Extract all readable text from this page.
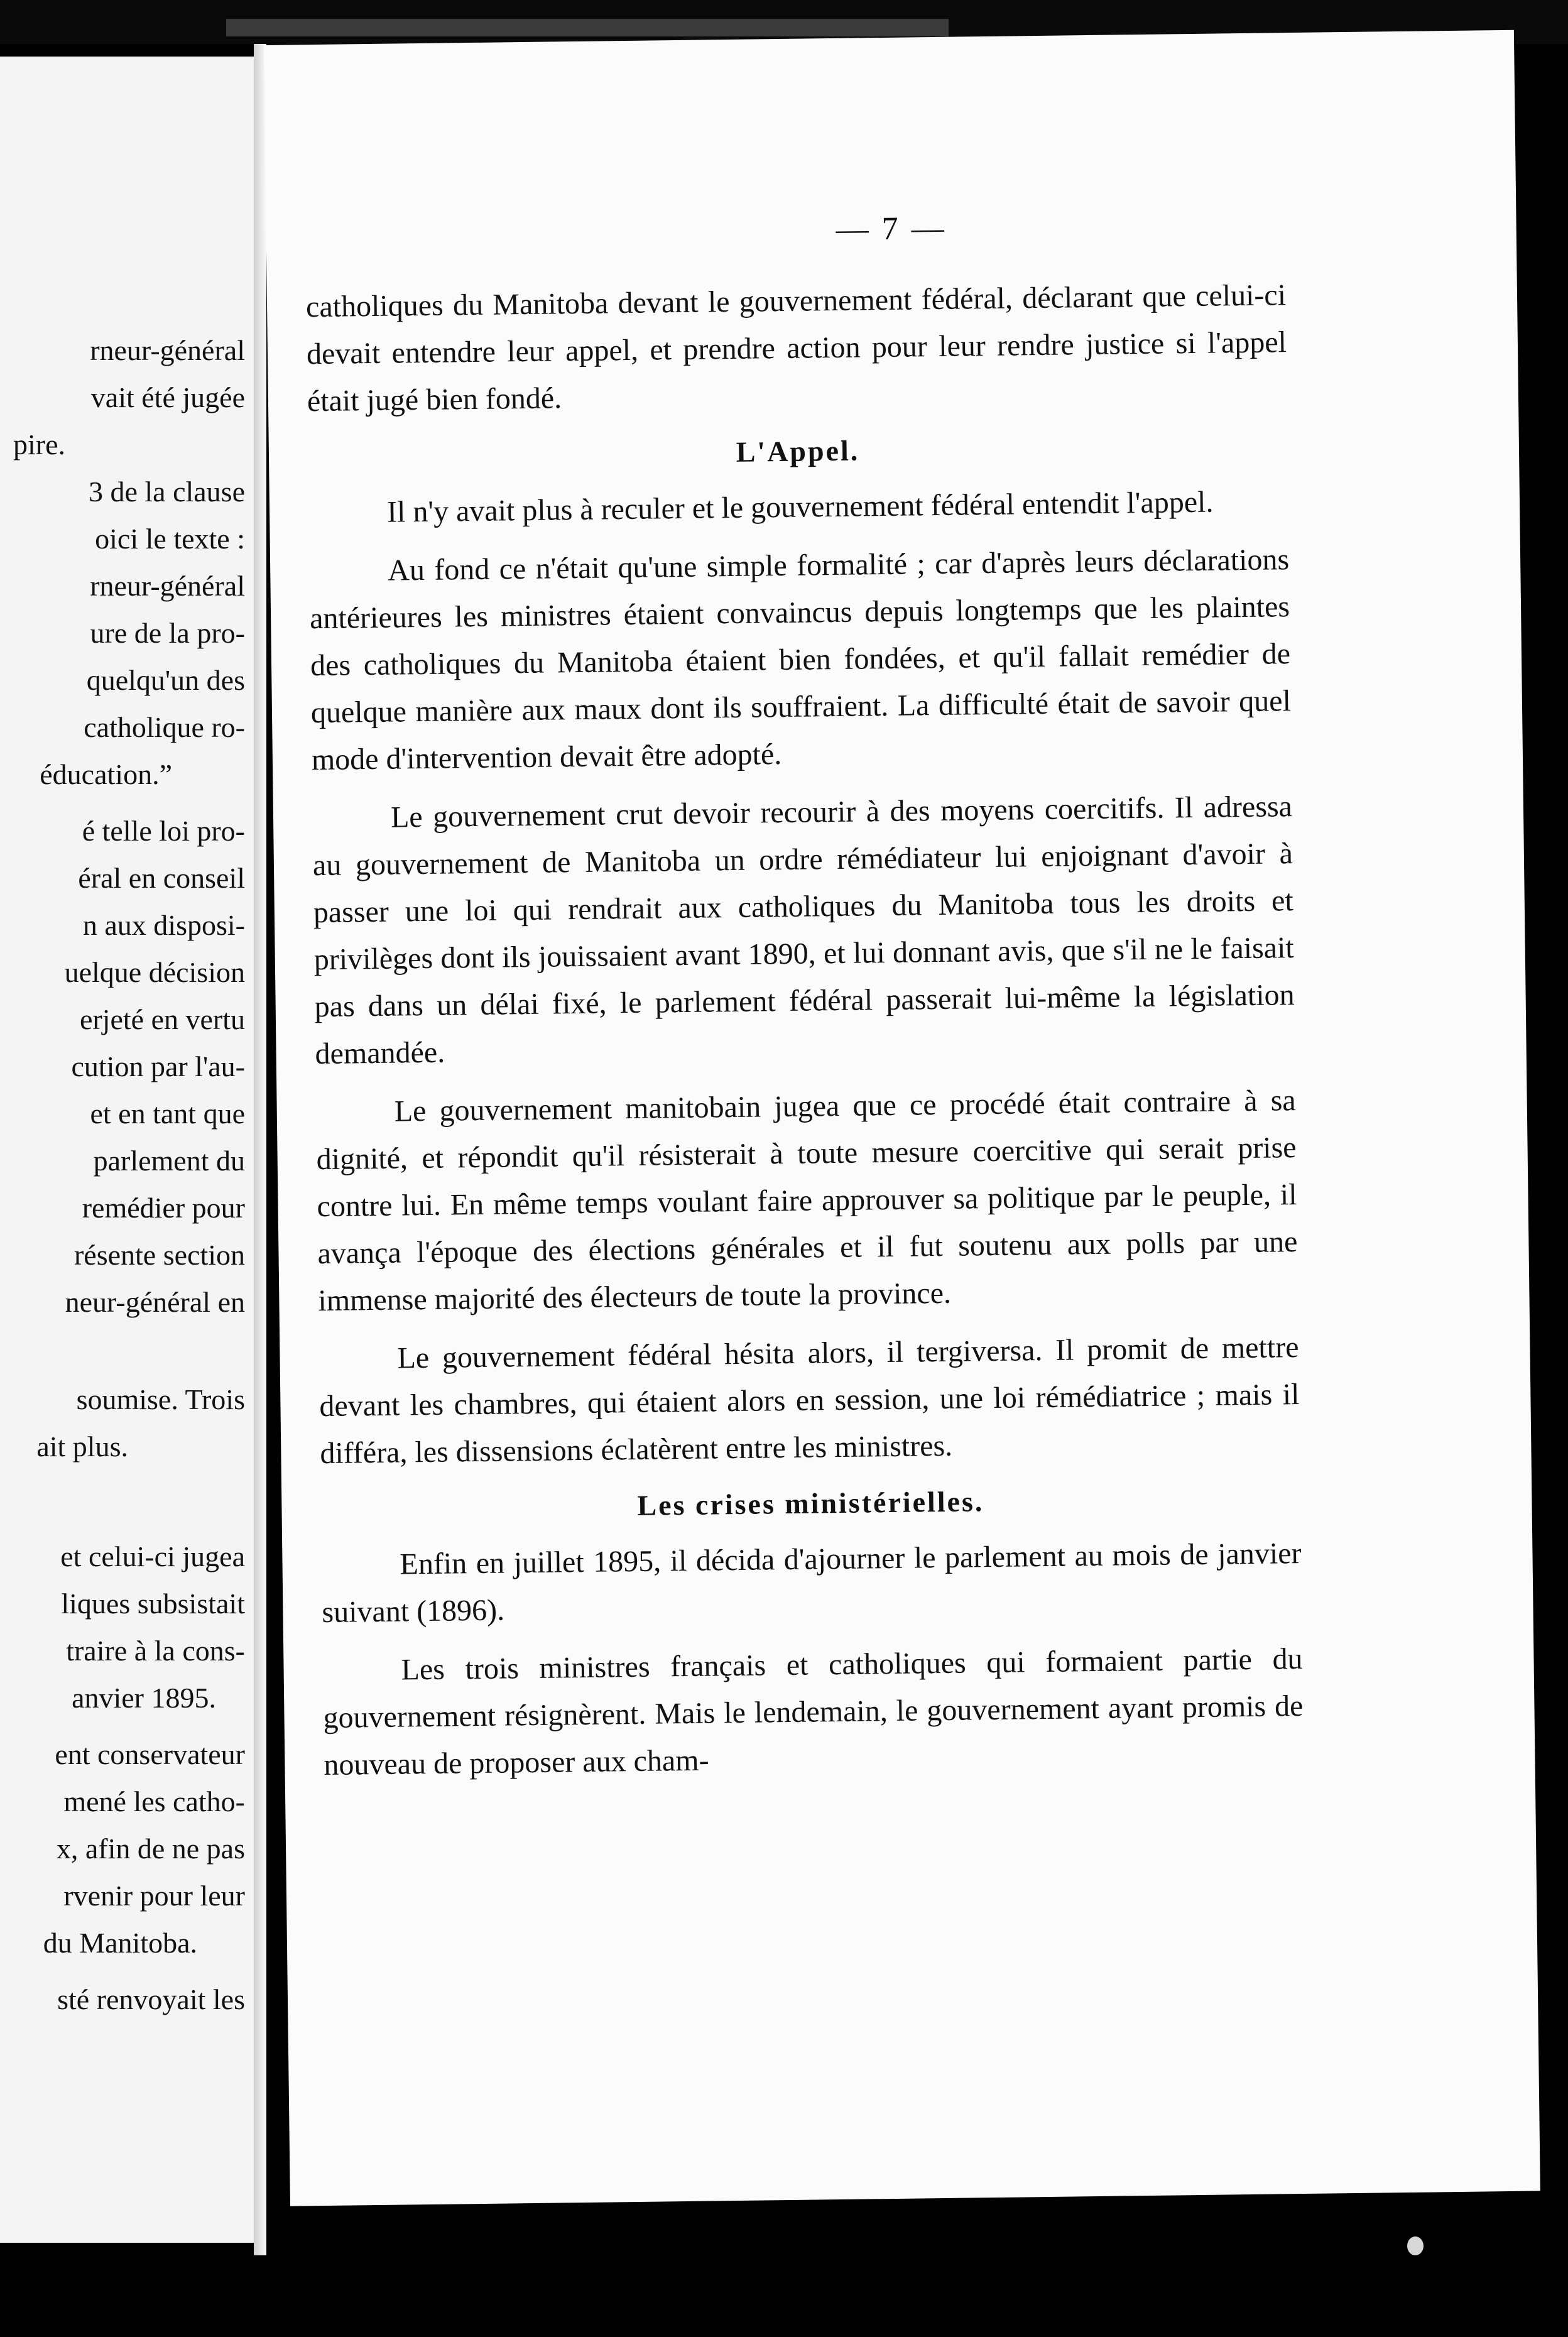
rneur-général
vait été jugée
pire.
3 de la clause
oici le texte :
rneur-général
ure de la pro-
quelqu'un des
catholique ro-
éducation.”
é telle loi pro-
éral en conseil
n aux disposi-
uelque décision
erjeté en vertu
cution par l'au-
et en tant que
parlement du
remédier pour
résente section
neur-général en
soumise. Trois
ait plus.
et celui-ci jugea
liques subsistait
traire à la cons-
anvier 1895.
ent conservateur
mené les catho-
x, afin de ne pas
rvenir pour leur
du Manitoba.
sté renvoyait les
— 7 —

catholiques du Manitoba devant le gouvernement fédéral, déclarant que celui-ci devait entendre leur appel, et prendre action pour leur rendre justice si l'appel était jugé bien fondé.

L'Appel.

Il n'y avait plus à reculer et le gouvernement fédéral entendit l'appel.

Au fond ce n'était qu'une simple formalité ; car d'après leurs déclarations antérieures les ministres étaient convaincus depuis longtemps que les plaintes des catholiques du Manitoba étaient bien fondées, et qu'il fallait remédier de quelque manière aux maux dont ils souffraient. La difficulté était de savoir quel mode d'intervention devait être adopté.

Le gouvernement crut devoir recourir à des moyens coercitifs. Il adressa au gouvernement de Manitoba un ordre rémédiateur lui enjoignant d'avoir à passer une loi qui rendrait aux catholiques du Manitoba tous les droits et privilèges dont ils jouissaient avant 1890, et lui donnant avis, que s'il ne le faisait pas dans un délai fixé, le parlement fédéral passerait lui-même la législation demandée.

Le gouvernement manitobain jugea que ce procédé était contraire à sa dignité, et répondit qu'il résisterait à toute mesure coercitive qui serait prise contre lui. En même temps voulant faire approuver sa politique par le peuple, il avança l'époque des élections générales et il fut soutenu aux polls par une immense majorité des électeurs de toute la province.

Le gouvernement fédéral hésita alors, il tergiversa. Il promit de mettre devant les chambres, qui étaient alors en session, une loi rémédiatrice ; mais il différa, les dissensions éclatèrent entre les ministres.

Les crises ministérielles.

Enfin en juillet 1895, il décida d'ajourner le parlement au mois de janvier suivant (1896).

Les trois ministres français et catholiques qui formaient partie du gouvernement résignèrent. Mais le lendemain, le gouvernement ayant promis de nouveau de proposer aux cham-
